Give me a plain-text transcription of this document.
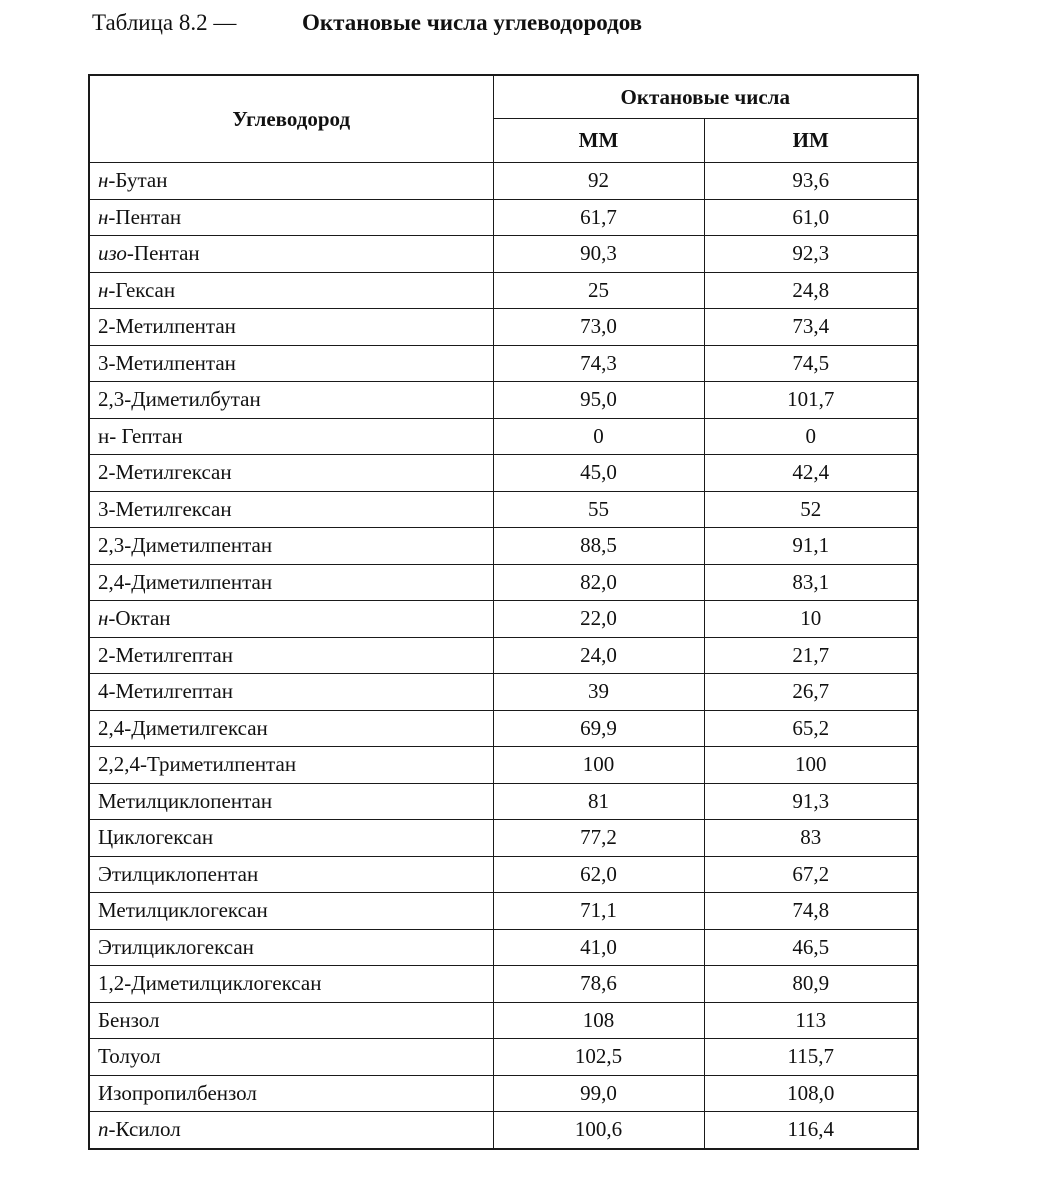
Таблица 8.2 —	Октановые числа углеводородов
Углеводород	Октановые числа	
	ММ	ИМ
н-Бутан	92	93,6
н-Пентан	61,7	61,0
изо-Пентан	90,3	92,3
н-Гексан	25	24,8
2-Метилпентан	73,0	73,4
3-Метилпентан	74,3	74,5
2,3-Диметилбутан	95,0	101,7
н- Гептан	0	0
2-Метилгексан	45,0	42,4
3-Метилгексан	55	52
2,3-Диметилпентан	88,5	91,1
2,4-Диметилпентан	82,0	83,1
н-Октан	22,0	10
2-Метилгептан	24,0	21,7
4-Метилгептан	39	26,7
2,4-Диметилгексан	69,9	65,2
2,2,4-Триметилпентан	100	100
Метилциклопентан	81	91,3
Циклогексан	77,2	83
Этилциклопентан	62,0	67,2
Метилциклогексан	71,1	74,8
Этилциклогексан	41,0	46,5
1,2-Диметилциклогексан	78,6	80,9
Бензол	108	113
Толуол	102,5	115,7
Изопропилбензол	99,0	108,0
п-Ксилол	100,6	116,4
